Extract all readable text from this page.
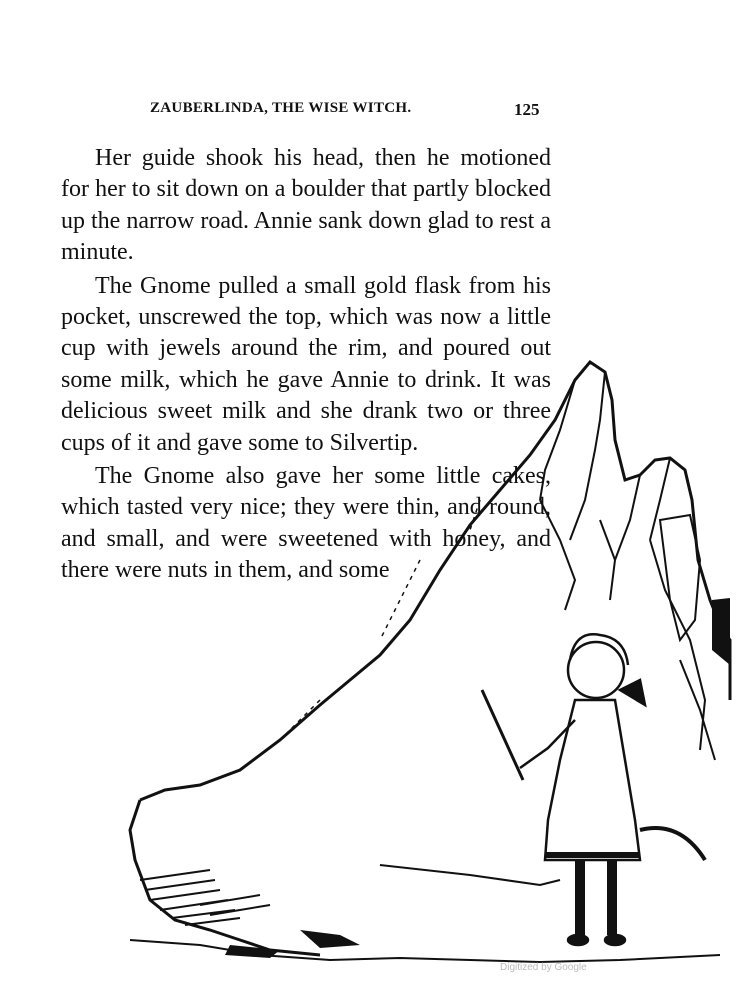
ZAUBERLINDA, THE WISE WITCH.	125

Her guide shook his head, then he motioned for her to sit down on a boulder that partly blocked up the narrow road. Annie sank down glad to rest a minute.

The Gnome pulled a small gold flask from his pocket, unscrewed the top, which was now a little cup with jewels around the rim, and poured out some milk, which he gave Annie to drink. It was delicious sweet milk and she drank two or three cups of it and gave some to Silvertip.

The Gnome also gave her some little cakes, which tasted very nice; they were thin, and round, and small, and were sweetened with honey, and there were nuts in them, and some

Digitized by Google
